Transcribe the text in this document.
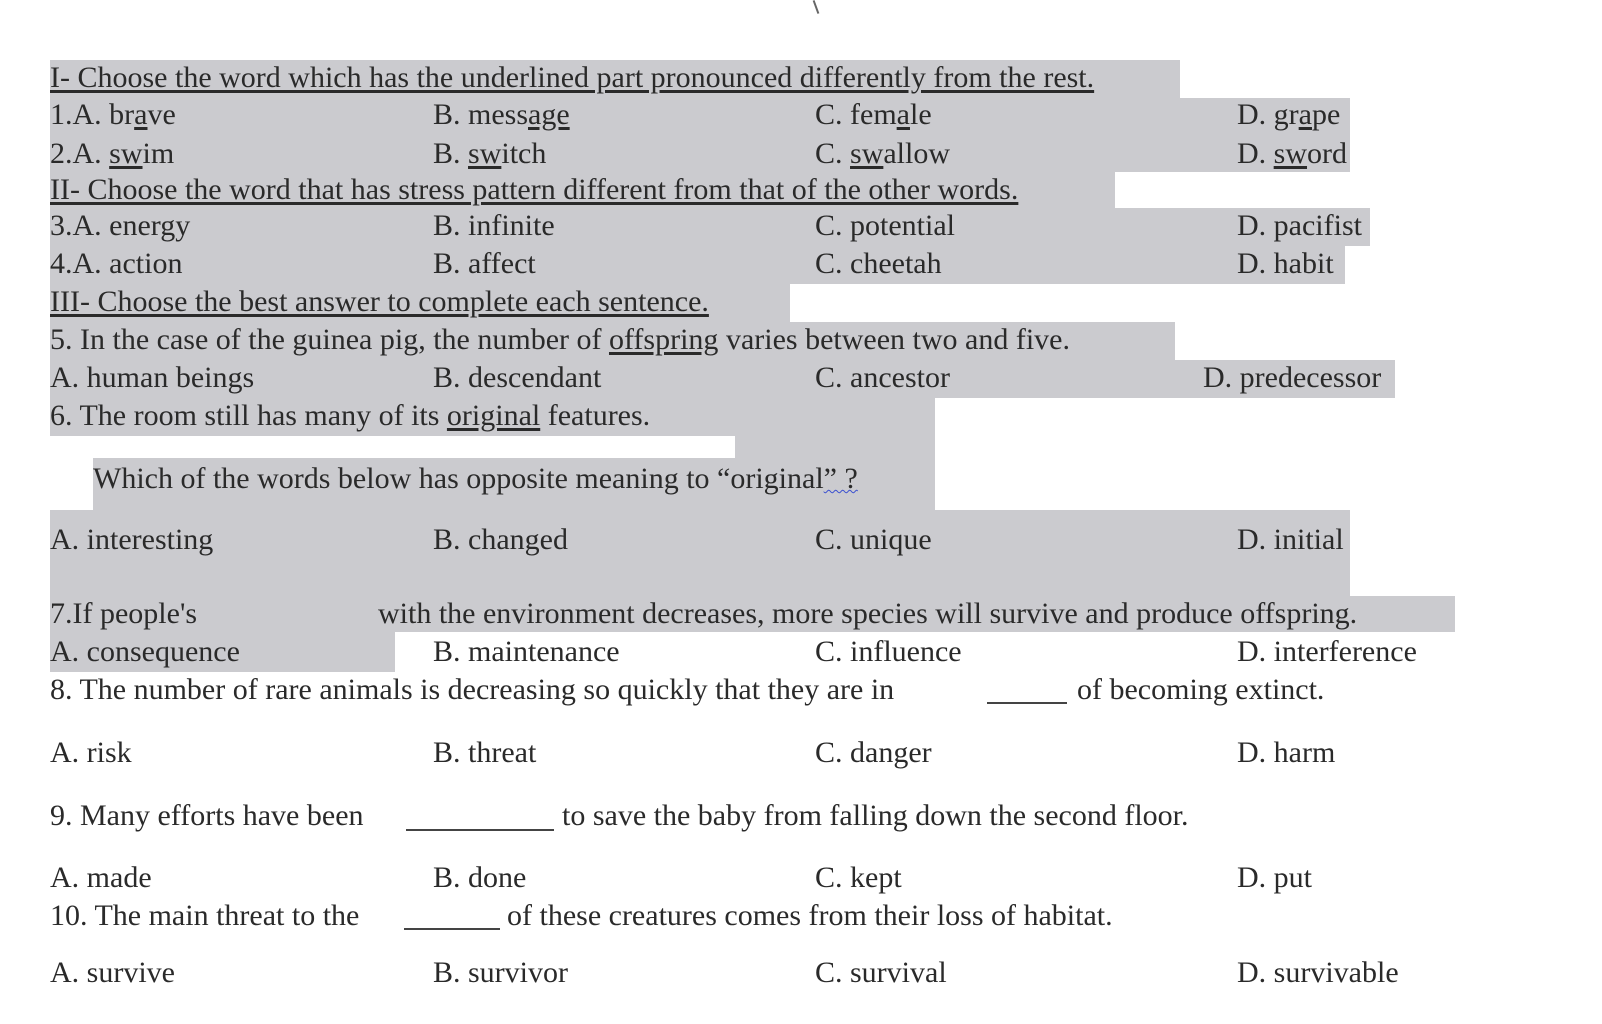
I- Choose the word which has the underlined part pronounced differently from the rest.
1.A. brave	B. message	C. female	D. grape
2.A. swim	B. switch	C. swallow	D. sword
II- Choose the word that has stress pattern different from that of the other words.
3.A. energy	B. infinite	C. potential	D. pacifist
4.A. action	B. affect	C. cheetah	D. habit
III- Choose the best answer to complete each sentence.
5. In the case of the guinea pig, the number of offspring varies between two and five.
A. human beings	B. descendant	C. ancestor	D. predecessor
6. The room still has many of its original features.
Which of the words below has opposite meaning to “original” ?
A. interesting	B. changed	C. unique	D. initial
7.If people's	with the environment decreases, more species will survive and produce offspring.
A. consequence	B. maintenance	C. influence	D. interference
8. The number of rare animals is decreasing so quickly that they are in	of becoming extinct.
A. risk	B. threat	C. danger	D. harm
9. Many efforts have been	to save the baby from falling down the second floor.
A. made	B. done	C. kept	D. put
10. The main threat to the	of these creatures comes from their loss of habitat.
A. survive	B. survivor	C. survival	D. survivable
